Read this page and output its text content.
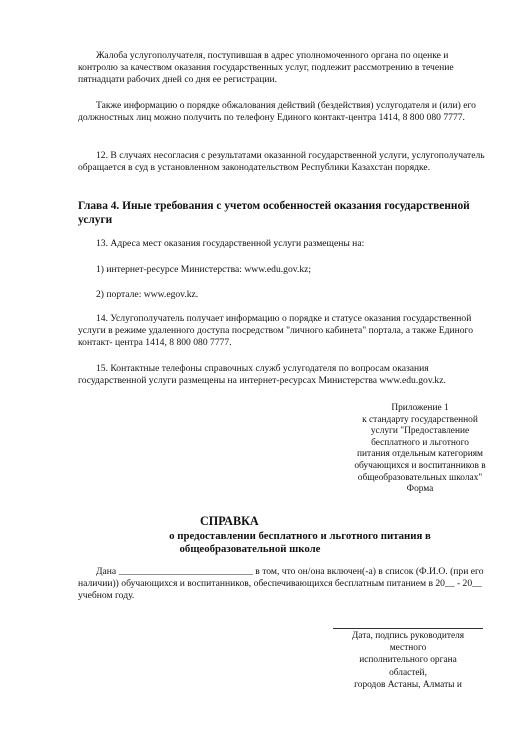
Жалоба услугополучателя, поступившая в адрес уполномоченного органа по оценке и контролю за качеством оказания государственных услуг, подлежит рассмотрению в течение пятнадцати рабочих дней со дня ее регистрации.

Также информацию о порядке обжалования действий (бездействия) услугодателя и (или) его должностных лиц можно получить по телефону Единого контакт-центра 1414, 8 800 080 7777.

12. В случаях несогласия с результатами оказанной государственной услуги, услугополучатель обращается в суд в установленном законодательством Республики Казахстан порядке.

Глава 4. Иные требования с учетом особенностей оказания государственной услуги

13. Адреса мест оказания государственной услуги размещены на:

1) интернет-ресурсе Министерства: www.edu.gov.kz;

2) портале: www.egov.kz.

14. Услугополучатель получает информацию о порядке и статусе оказания государственной услуги в режиме удаленного доступа посредством "личного кабинета" портала, а также Единого контакт- центра 1414, 8 800 080 7777.

15. Контактные телефоны справочных служб услугодателя по вопросам оказания государственной услуги размещены на интернет-ресурсах Министерства www.edu.gov.kz.

Приложение 1
к стандарту государственной
услуги "Предоставление
бесплатного и льготного
питания отдельным категориям
обучающихся и воспитанников в
общеобразовательных школах"
Форма
СПРАВКА
о предоставлении бесплатного и льготного питания в
общеобразовательной школе

Дана ____________________________ в том, что он/она включен(-а) в список (Ф.И.О. (при его наличии)) обучающихся и воспитанников, обеспечивающихся бесплатным питанием в 20__ - 20__ учебном году.

Дата, подпись руководителя
местного
исполнительного органа
областей,
городов Астаны, Алматы и
